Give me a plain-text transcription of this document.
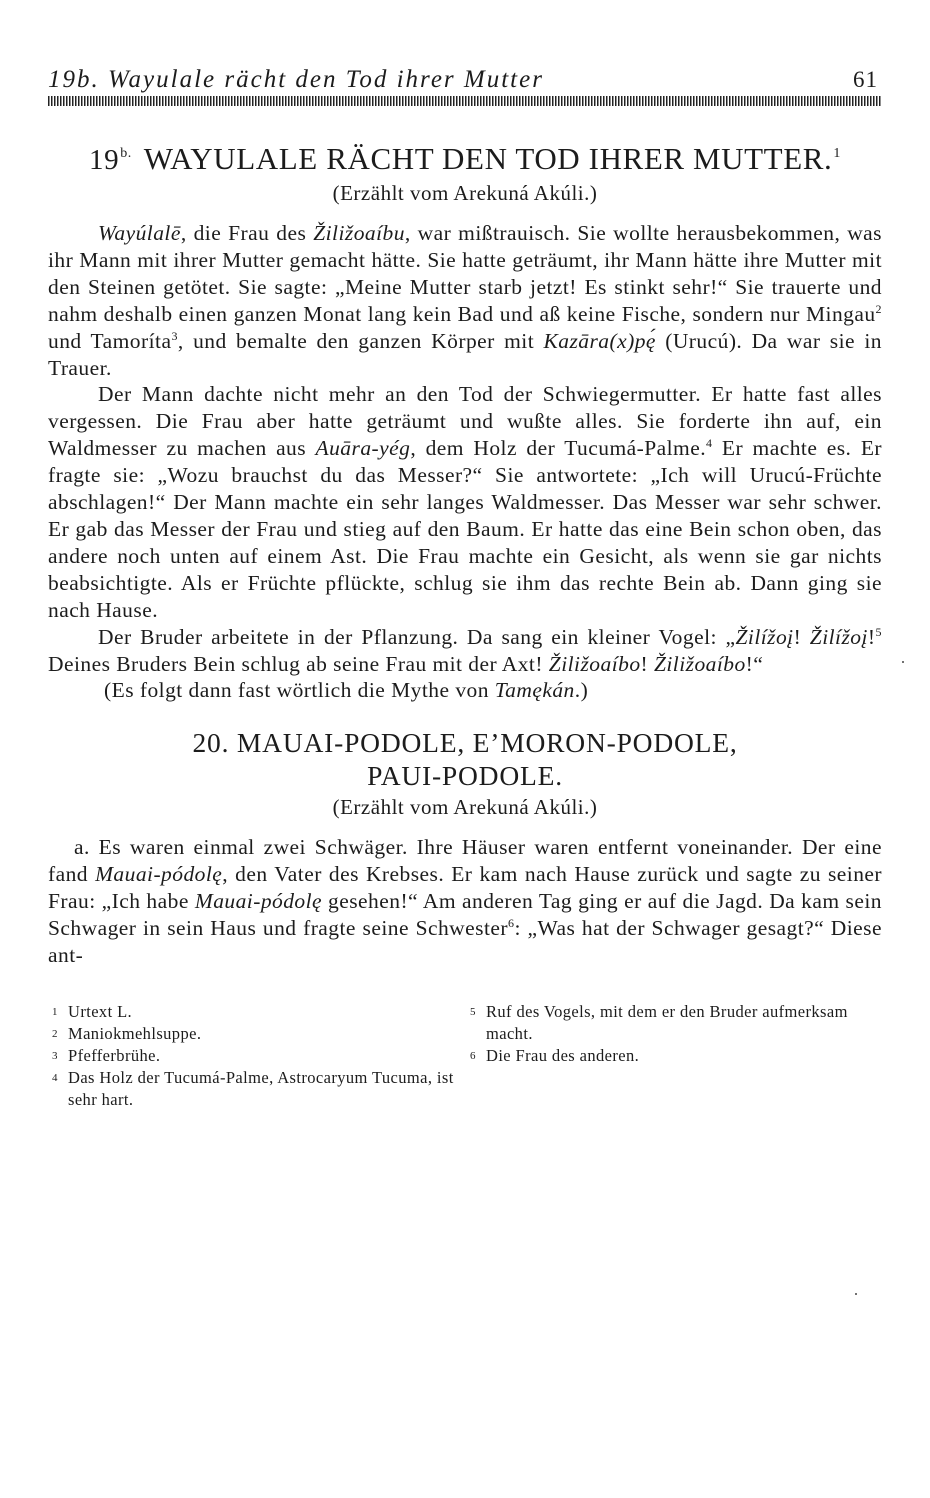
19b. Wayulale rächt den Tod ihrer Mutter	61
$19^{b.}$ WAYULALE RÄCHT DEN TOD IHRER MUTTER.$^1$
(Erzählt vom Arekuná Akúli.)

Wayúlalē, die Frau des Žiližoaíbu, war mißtrauisch. Sie wollte herausbekommen, was ihr Mann mit ihrer Mutter gemacht hätte. Sie hatte geträumt, ihr Mann hätte ihre Mutter mit den Steinen getötet. Sie sagte: „Meine Mutter starb jetzt! Es stinkt sehr!“ Sie trauerte und nahm deshalb einen ganzen Monat lang kein Bad und aß keine Fische, sondern nur Mingau$^2$ und Tamoríta$^3$, und bemalte den ganzen Körper mit Kazāra(x)pę́ (Urucú). Da war sie in Trauer.

Der Mann dachte nicht mehr an den Tod der Schwiegermutter. Er hatte fast alles vergessen. Die Frau aber hatte geträumt und wußte alles. Sie forderte ihn auf, ein Waldmesser zu machen aus Auāra-yég, dem Holz der Tucumá-Palme.$^4$ Er machte es. Er fragte sie: „Wozu brauchst du das Messer?“ Sie antwortete: „Ich will Urucú-Früchte abschlagen!“ Der Mann machte ein sehr langes Waldmesser. Das Messer war sehr schwer. Er gab das Messer der Frau und stieg auf den Baum. Er hatte das eine Bein schon oben, das andere noch unten auf einem Ast. Die Frau machte ein Gesicht, als wenn sie gar nichts beabsichtigte. Als er Früchte pflückte, schlug sie ihm das rechte Bein ab. Dann ging sie nach Hause.

Der Bruder arbeitete in der Pflanzung. Da sang ein kleiner Vogel: „Žilížoį! Žilížoį!$^5$ Deines Bruders Bein schlug ab seine Frau mit der Axt! Žiližoaíbo! Žiližoaíbo!“

(Es folgt dann fast wörtlich die Mythe von Tamękán.)

20. MAUAI-PODOLE, E’MORON-PODOLE,
PAUI-PODOLE.
(Erzählt vom Arekuná Akúli.)

a. Es waren einmal zwei Schwäger. Ihre Häuser waren entfernt voneinander. Der eine fand Mauai-pódolę, den Vater des Krebses. Er kam nach Hause zurück und sagte zu seiner Frau: „Ich habe Mauai-pódolę gesehen!“ Am anderen Tag ging er auf die Jagd. Da kam sein Schwager in sein Haus und fragte seine Schwester$^6$: „Was hat der Schwager gesagt?“ Diese ant-

1 Urtext L.
2 Maniokmehlsuppe.
3 Pfefferbrühe.
4 Das Holz der Tucumá-Palme, Astrocaryum Tucuma, ist sehr hart.
5 Ruf des Vogels, mit dem er den Bruder aufmerksam macht.
6 Die Frau des anderen.
